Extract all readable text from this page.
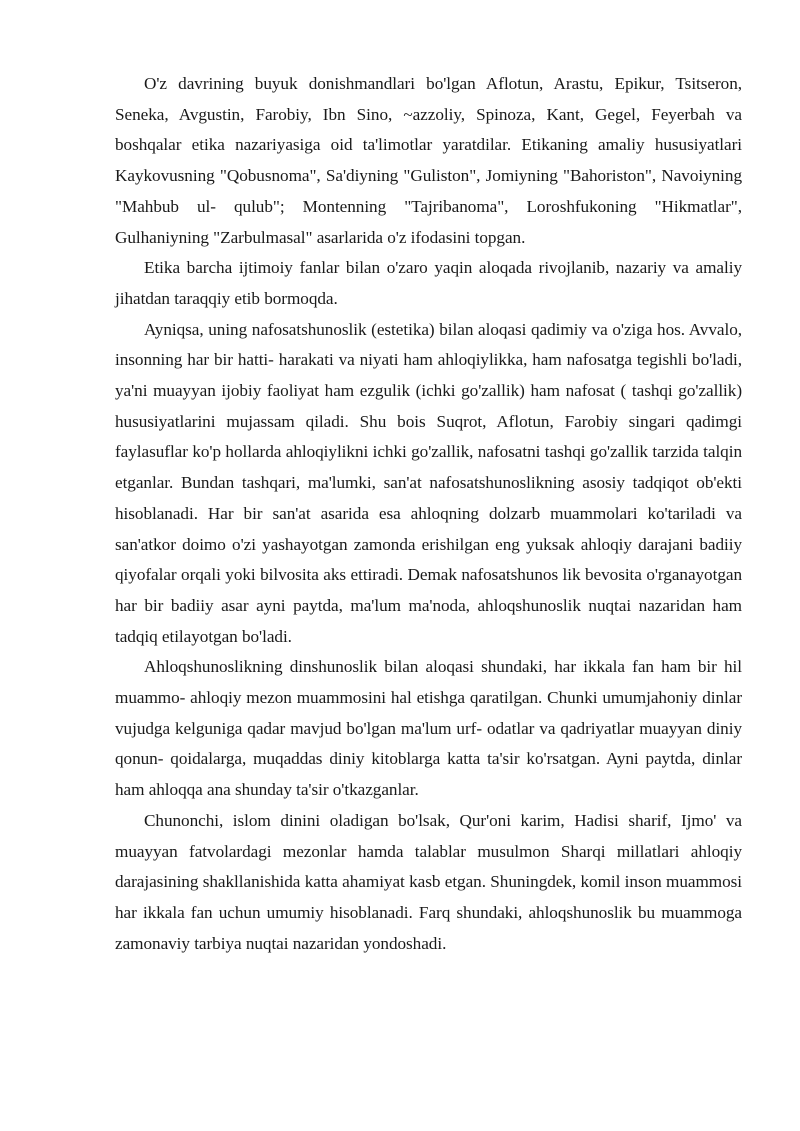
O'z davrining buyuk donishmandlari bo'lgan Aflotun, Arastu, Epikur, Tsitseron, Seneka, Avgustin, Farobiy, Ibn Sino, ~azzoliy, Spinoza, Kant, Gegel, Feyerbah va boshqalar etika nazariyasiga oid ta'limotlar yaratdilar. Etikaning amaliy hususiyatlari Kaykovusning "Qobusnoma", Sa'diyning "Guliston", Jomiyning "Bahoriston", Navoiyning "Mahbub ul- qulub"; Montenning "Tajribanoma", Loroshfukoning "Hikmatlar", Gulhaniyning "Zarbulmasal" asarlarida o'z ifodasini topgan.

Etika barcha ijtimoiy fanlar bilan o'zaro yaqin aloqada rivojlanib, nazariy va amaliy jihatdan taraqqiy etib bormoqda.

Ayniqsa, uning nafosatshunoslik (estetika) bilan aloqasi qadimiy va o'ziga hos. Avvalo, insonning har bir hatti- harakati va niyati ham ahloqiylikka, ham nafosatga tegishli bo'ladi, ya'ni muayyan ijobiy faoliyat ham ezgulik (ichki go'zallik) ham nafosat ( tashqi go'zallik) hususiyatlarini mujassam qiladi. Shu bois Suqrot, Aflotun, Farobiy singari qadimgi faylasuflar ko'p hollarda ahloqiylikni ichki go'zallik, nafosatni tashqi go'zallik tarzida talqin etganlar. Bundan tashqari, ma'lumki, san'at nafosatshunoslikning asosiy tadqiqot ob'ekti hisoblanadi. Har bir san'at asarida esa ahloqning dolzarb muammolari ko'tariladi va san'atkor doimo o'zi yashayotgan zamonda erishilgan eng yuksak ahloqiy darajani badiiy qiyofalar orqali yoki bilvosita aks ettiradi. Demak nafosatshunos lik bevosita o'rganayotgan har bir badiiy asar ayni paytda, ma'lum ma'noda, ahloqshunoslik nuqtai nazaridan ham tadqiq etilayotgan bo'ladi.

Ahloqshunoslikning dinshunoslik bilan aloqasi shundaki, har ikkala fan ham bir hil muammo- ahloqiy mezon muammosini hal etishga qaratilgan. Chunki umumjahoniy dinlar vujudga kelguniga qadar mavjud bo'lgan ma'lum urf- odatlar va qadriyatlar muayyan diniy qonun- qoidalarga, muqaddas diniy kitoblarga katta ta'sir ko'rsatgan. Ayni paytda, dinlar ham ahloqqa ana shunday ta'sir o'tkazganlar.

Chunonchi, islom dinini oladigan bo'lsak, Qur'oni karim, Hadisi sharif, Ijmo' va muayyan fatvolardagi mezonlar hamda talablar musulmon Sharqi millatlari ahloqiy darajasining shakllanishida katta ahamiyat kasb etgan. Shuningdek, komil inson muammosi har ikkala fan uchun umumiy hisoblanadi. Farq shundaki, ahloqshunoslik bu muammoga zamonaviy tarbiya nuqtai nazaridan yondoshadi.
